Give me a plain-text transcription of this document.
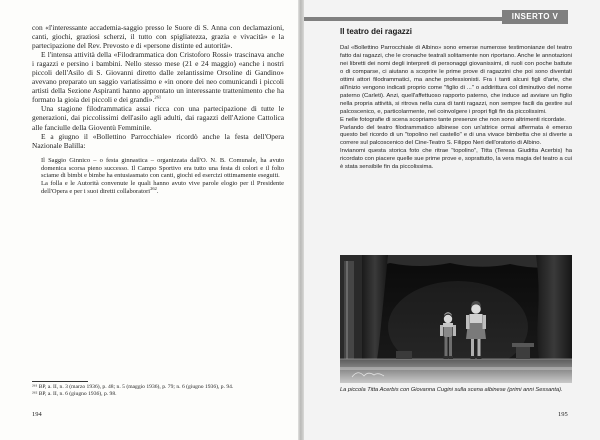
con «l'interessante accademia-saggio presso le Suore di S. Anna con declamazioni, canti, giochi, graziosi scherzi, il tutto con spigliatezza, grazia e vivacità» e la partecipazione del Rev. Prevosto e di «persone distinte ed autorità».

E l'intensa attività della «Filodrammatica don Cristoforo Rossi» trascinava anche i ragazzi e persino i bambini. Nello stesso mese (21 e 24 maggio) «anche i nostri piccoli dell'Asilo di S. Giovanni diretto dalle zelantissime Orsoline di Gandino» avevano preparato un saggio variatissimo e «in onore dei neo comunicandi i piccoli artisti della Sezione Aspiranti hanno approntato un interessante trattenimento che ha formato la gioia dei piccoli e dei grandi».$^{261}$

Una stagione filodrammatica assai ricca con una partecipazione di tutte le generazioni, dai piccolissimi dell'asilo agli adulti, dai ragazzi dell'Azione Cattolica alle fanciulle della Gioventù Femminile.

E a giugno il «Bollettino Parrocchiale» ricordò anche la festa dell'Opera Nazionale Balilla:

Il Saggio Ginnico – o festa ginnastica – organizzata dall'O. N. B. Comunale, ha avuto domenica scorsa pieno successo. Il Campo Sportivo era tutto una festa di colori e il folto sciame di bimbi e bimbe ha entusiasmato con canti, giochi ed esercizi ottimamente eseguiti.

La folla e le Autorità convenute le quali hanno avuto vive parole elogio per il Presidente dell'Opera e per i suoi diretti collaboratori$^{262}$.

²⁶¹ BP, a. II, n. 3 (marzo 1936), p. 48; n. 5 (maggio 1936), p. 79; n. 6 (giugno 1936), p. 94.
²⁶² BP, a. II, n. 6 (giugno 1936), p. 98.
194
INSERTO V
Il teatro dei ragazzi

Dal «Bollettino Parrocchiale di Albino» sono emerse numerose testimonianze del teatro fatto dai ragazzi, che le cronache teatrali solitamente non riportano. Anche le annotazioni nei libretti dei nomi degli interpreti di personaggi giovanissimi, di ruoli con poche battute o di comparse, ci aiutano a scoprire le prime prove di ragazzini che poi sono diventati ottimi attori filodrammatici, ma anche professionisti. Fra i tanti alcuni figli d'arte, che all'inizio vengono indicati proprio come "figlio di ..." o addirittura col diminutivo del nome paterno (Carleti). Anzi, quell'affettuoso rapporto paterno, che induce ad avviare un figlio nella propria attività, si ritrova nella cura di tanti ragazzi, non sempre facili da gestire sul palcoscenico, e, particolarmente, nel coinvolgere i propri figli fin da piccolissimi.

E nelle fotografie di scena scopriamo tante presenze che non sono altrimenti ricordate.

Parlando del teatro filodrammatico albinese con un'attrice ormai affermata è emerso questo bel ricordo di un "topolino nel castello" e di una vivace bimbetta che si diverte a correre sul palcoscenico del Cine-Teatro S. Filippo Neri dell'oratorio di Albino.

Invianomi questa storica foto che ritrae "topolino", Titta (Teresa Giuditta Acerbis) ha ricordato con piacere quelle sue prime prove e, soprattutto, la vera magia del teatro a cui è stata sensibile fin da piccolissima.

La piccola Titta Acerbis con Giovanna Cugini sulla scena albinese (primi anni Sessanta).
195
